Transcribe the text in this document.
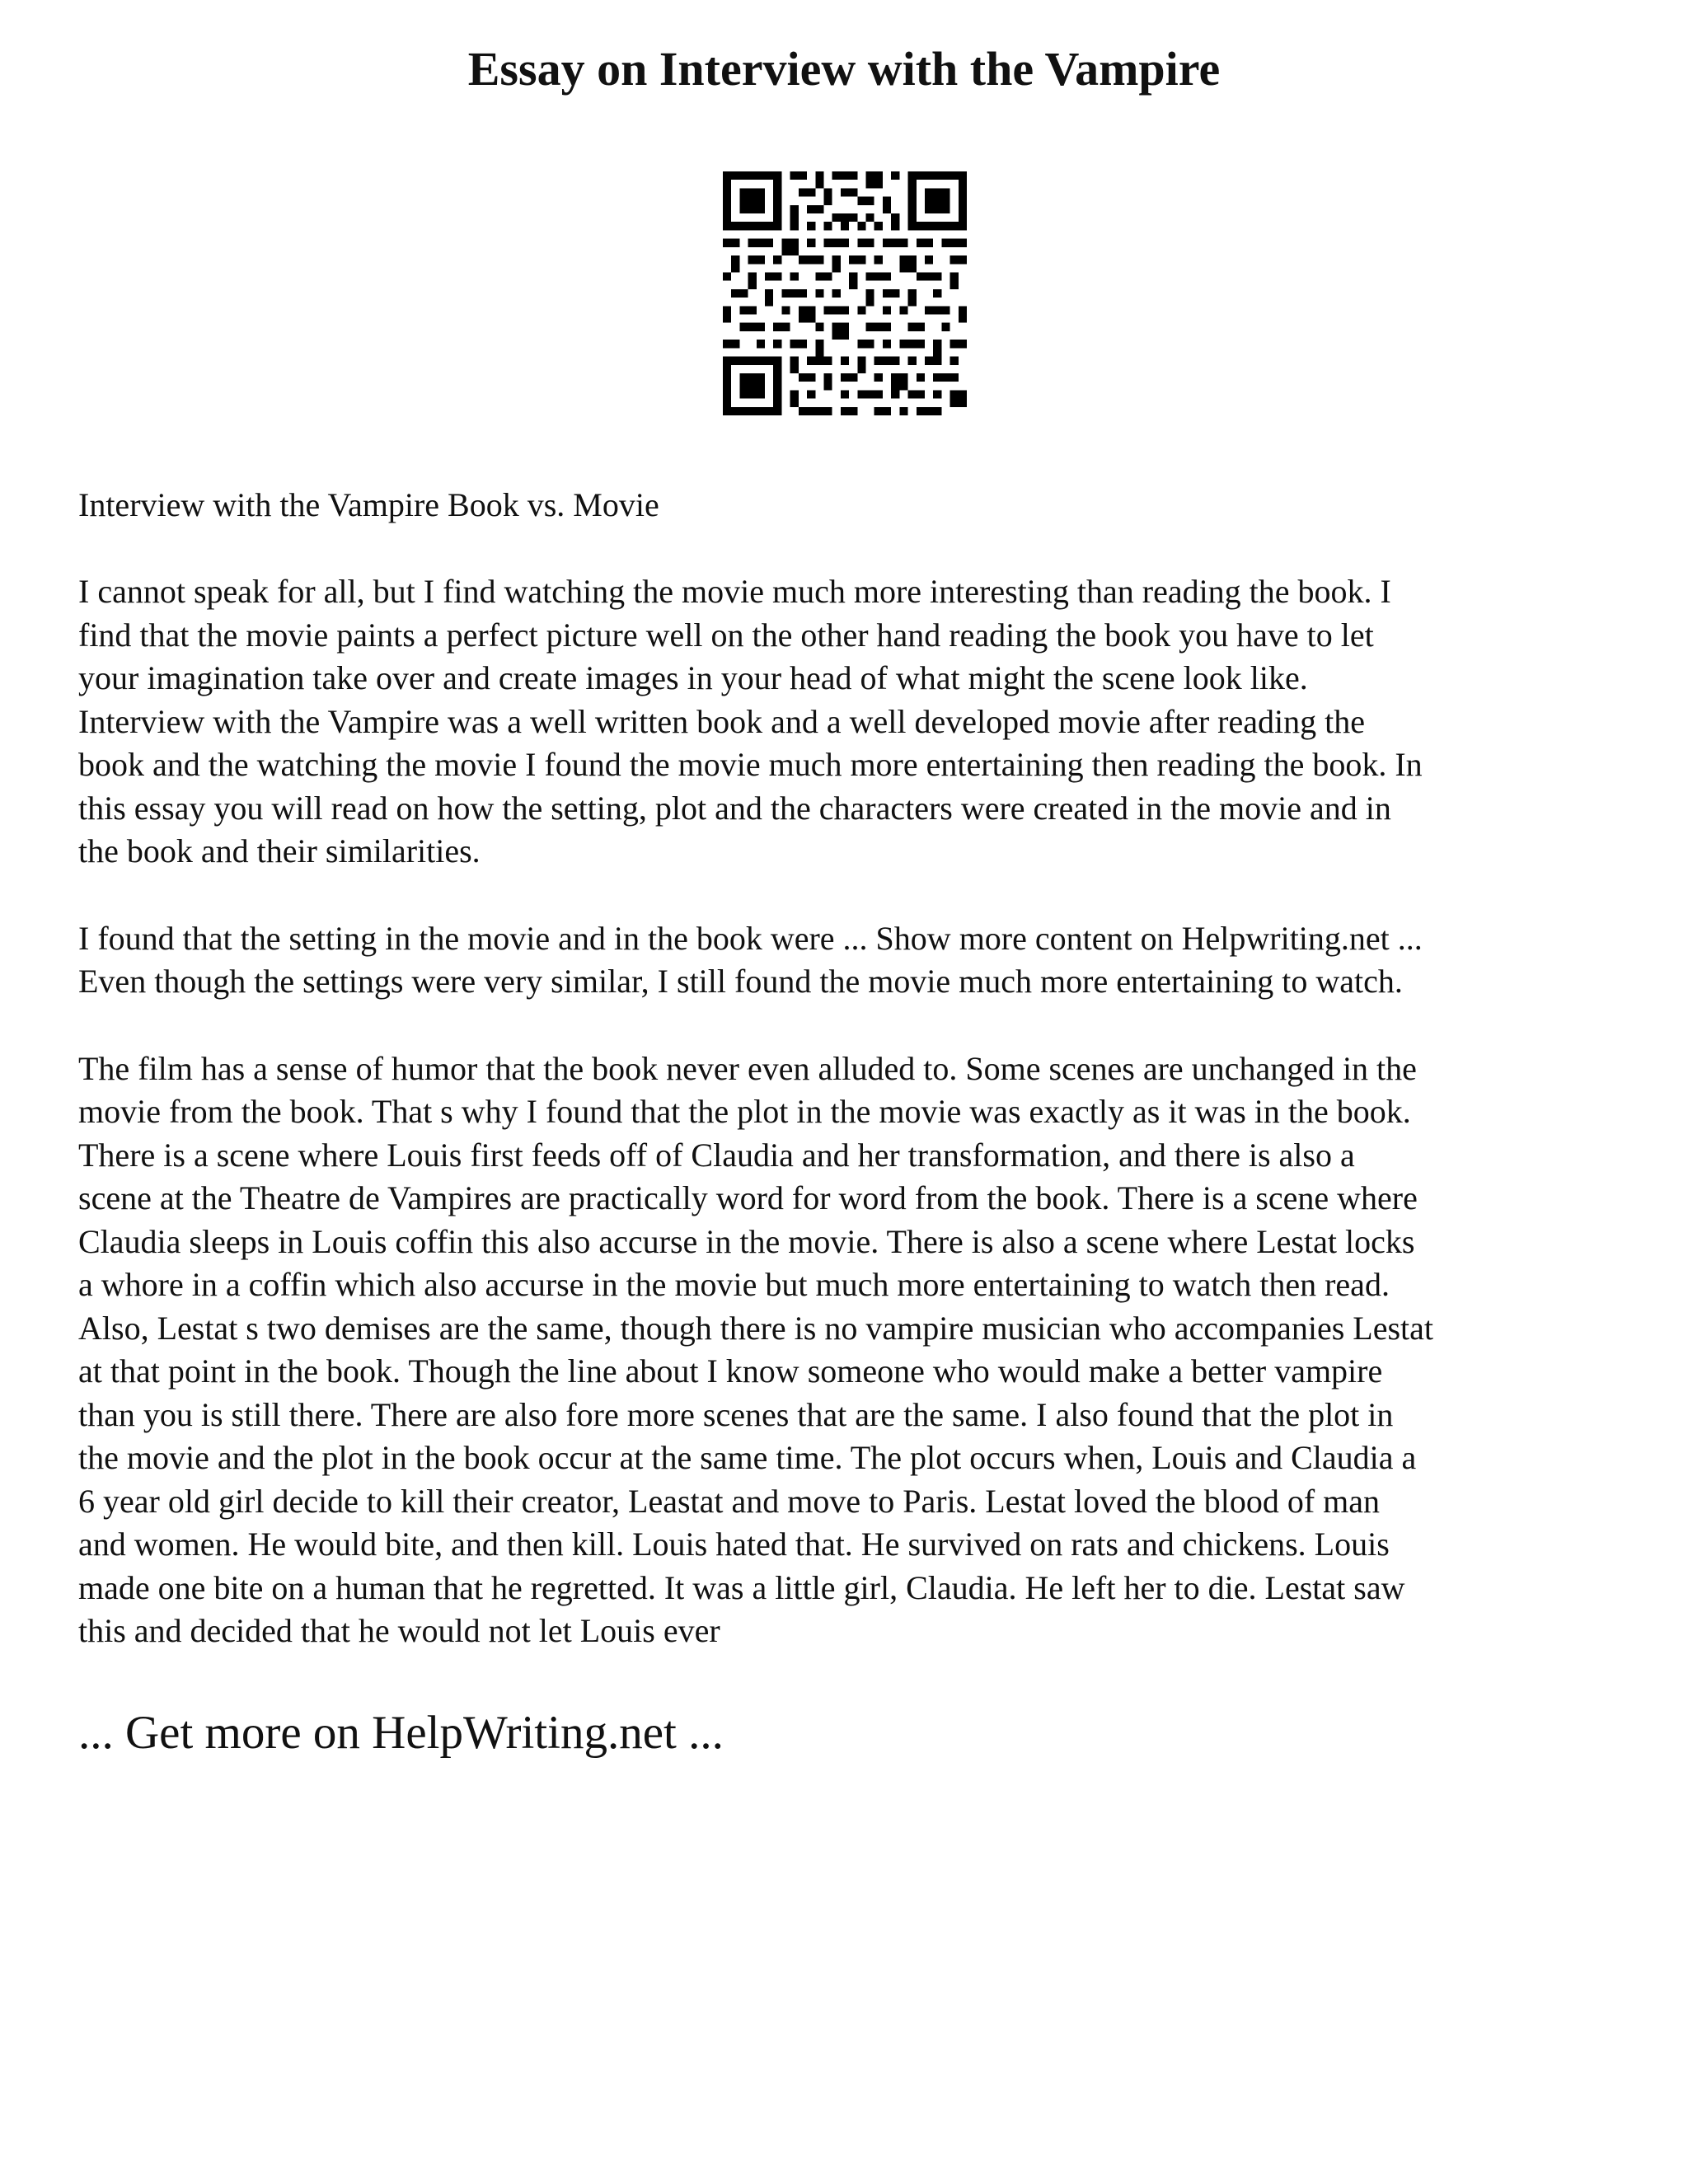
Essay on Interview with the Vampire

Interview with the Vampire Book vs. Movie

I cannot speak for all, but I find watching the movie much more interesting than reading the book. I
find that the movie paints a perfect picture well on the other hand reading the book you have to let
your imagination take over and create images in your head of what might the scene look like.
Interview with the Vampire was a well written book and a well developed movie after reading the
book and the watching the movie I found the movie much more entertaining then reading the book. In
this essay you will read on how the setting, plot and the characters were created in the movie and in
the book and their similarities.

I found that the setting in the movie and in the book were ... Show more content on Helpwriting.net ...
Even though the settings were very similar, I still found the movie much more entertaining to watch.

The film has a sense of humor that the book never even alluded to. Some scenes are unchanged in the
movie from the book. That s why I found that the plot in the movie was exactly as it was in the book.
There is a scene where Louis first feeds off of Claudia and her transformation, and there is also a
scene at the Theatre de Vampires are practically word for word from the book. There is a scene where
Claudia sleeps in Louis coffin this also accurse in the movie. There is also a scene where Lestat locks
a whore in a coffin which also accurse in the movie but much more entertaining to watch then read.
Also, Lestat s two demises are the same, though there is no vampire musician who accompanies Lestat
at that point in the book. Though the line about I know someone who would make a better vampire
than you is still there. There are also fore more scenes that are the same. I also found that the plot in
the movie and the plot in the book occur at the same time. The plot occurs when, Louis and Claudia a
6 year old girl decide to kill their creator, Leastat and move to Paris. Lestat loved the blood of man
and women. He would bite, and then kill. Louis hated that. He survived on rats and chickens. Louis
made one bite on a human that he regretted. It was a little girl, Claudia. He left her to die. Lestat saw
this and decided that he would not let Louis ever

... Get more on HelpWriting.net ...
